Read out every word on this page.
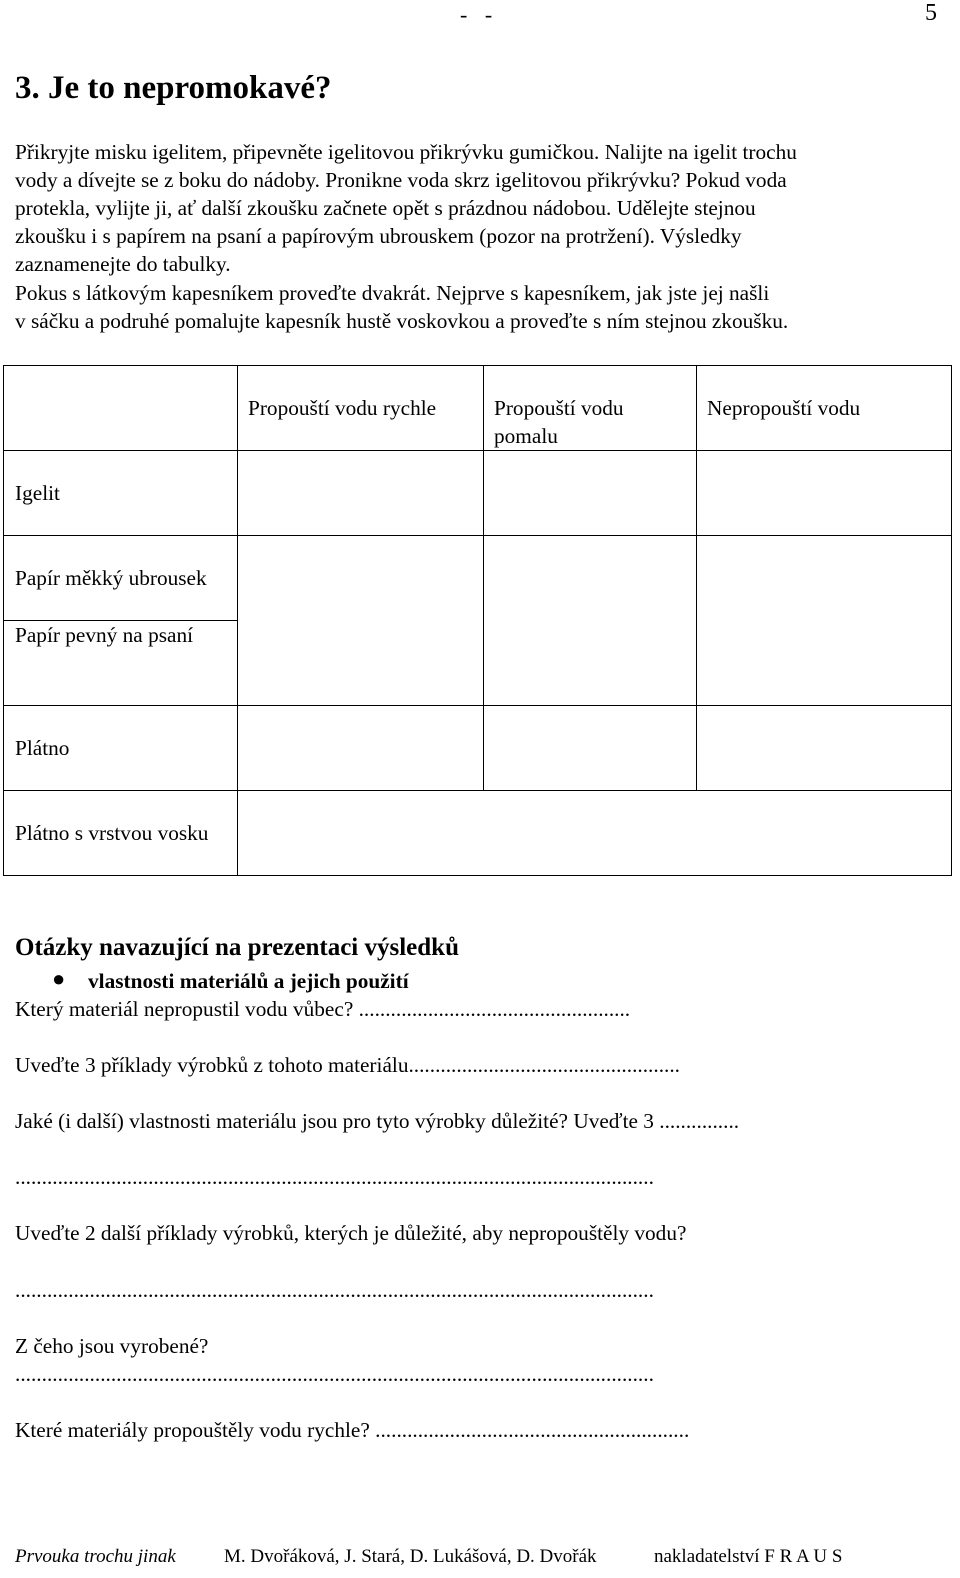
- -	5
3. Je to nepromokavé?
Přikryjte misku igelitem, připevněte igelitovou přikrývku gumičkou. Nalijte na igelit trochu
vody a dívejte se z boku do nádoby. Pronikne voda skrz igelitovou přikrývku? Pokud voda
protekla, vylijte ji, ať další zkoušku začnete opět s prázdnou nádobou. Udělejte stejnou
zkoušku i s papírem na psaní a papírovým ubrouskem (pozor na protržení). Výsledky
zaznamenejte do tabulky.
Pokus s látkovým kapesníkem proveďte dvakrát. Nejprve s kapesníkem, jak jste jej našli
v sáčku a podruhé pomalujte kapesník hustě voskovkou a proveďte s ním stejnou zkoušku.
	Propouští vodu rychle	Propouští vodu pomalu	Nepropouští vodu
Igelit			
Papír měkký ubrousek			
Papír pevný na psaní			
Plátno			
Plátno s vrstvou vosku			
Otázky navazující na prezentaci výsledků
● vlastnosti materiálů a jejich použití
Který materiál nepropustil vodu vůbec? ...................................................
Uveďte 3 příklady výrobků z tohoto materiálu...................................................
Jaké (i další) vlastnosti materiálu jsou pro tyto výrobky důležité? Uveďte 3 ...............
........................................................................................................................
Uveďte 2 další příklady výrobků, kterých je důležité, aby nepropouštěly vodu?
........................................................................................................................
Z čeho jsou vyrobené?
........................................................................................................................
Které materiály propouštěly vodu rychle? ...........................................................
Prvouka trochu jinak	M. Dvořáková, J. Stará, D. Lukášová, D. Dvořák	nakladatelství F R A U S
